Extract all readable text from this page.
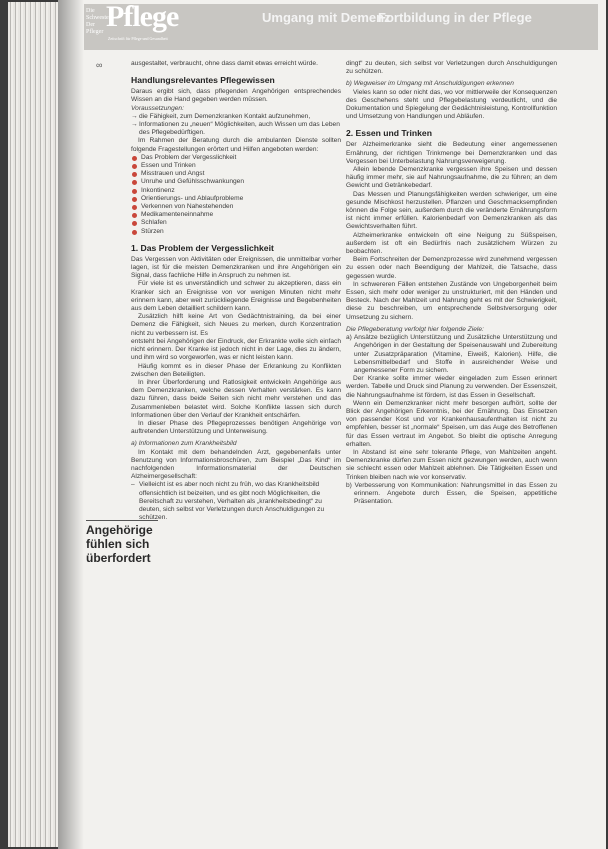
Die Schwester Der Pfleger Pflege
Zeitschrift für Pflege und Gesundheit
Umgang mit Demenz
Fortbildung in der Pflege
∞	ausgestaltet, verbraucht, ohne dass damit etwas erreicht würde.

Handlungsrelevantes Pflegewissen

Daraus ergibt sich, dass pflegenden Angehörigen entsprechendes Wissen an die Hand gegeben werden müssen.

Voraussetzungen:
→ die Fähigkeit, zum Demenzkranken Kontakt aufzunehmen,
→ Informationen zu „neuen“ Möglichkeiten, auch Wissen um das Leben des Pflegebedürftigen.

Im Rahmen der Beratung durch die ambulanten Dienste sollten folgende Fragestellungen erörtert und Hilfen angeboten werden:

Das Problem der Vergesslichkeit
Essen und Trinken
Misstrauen und Angst
Unruhe und Gefühlsschwankungen
Inkontinenz
Orientierungs- und Ablaufprobleme
Verkennen von Nahestehenden
Medikamenteneinnahme
Schlafen
Stürzen
1. Das Problem der Vergesslichkeit

Das Vergessen von Aktivitäten oder Ereignissen, die unmittelbar vorher lagen, ist für die meisten Demenzkranken und ihre Angehörigen ein Signal, dass fachliche Hilfe in Anspruch zu nehmen ist.

Für viele ist es unverständlich und schwer zu akzeptieren, dass ein Kranker sich an Ereignisse von vor wenigen Minuten nicht mehr erinnern kann, aber weit zurückliegende Ereignisse und Begebenheiten aus dem Leben detailliert schildern kann.

Zusätzlich hilft keine Art von Gedächtnistraining, da bei einer Demenz die Fähigkeit, sich Neues zu merken, durch Konzentration nicht zu verbessern ist. Es

entsteht bei Angehörigen der Eindruck, der Erkrankte wolle sich einfach nicht erinnern. Der Kranke ist jedoch nicht in der Lage, dies zu ändern, und ihm wird so vorgeworfen, was er nicht leisten kann.

Häufig kommt es in dieser Phase der Erkrankung zu Konflikten zwischen den Beteiligten.

In ihrer Überforderung und Ratlosigkeit entwickeln Angehörige aus dem Demenzkranken, welche dessen Verhalten verstärken. Es kann dazu führen, dass beide Seiten sich nicht mehr verstehen und das Zusammenleben belastet wird. Solche Konflikte lassen sich durch Informationen über den Verlauf der Krankheit entschärfen.

In dieser Phase des Pflegeprozesses benötigen Angehörige von auftretenden Unterstützung und Unterweisung.

a) Informationen zum Krankheitsbild

Im Kontakt mit dem behandelnden Arzt, gegebenenfalls unter Benutzung von Informationsbroschüren, zum Beispiel „Das Kind“ im nachfolgenden Informationsmaterial der Deutschen Alzheimergesellschaft:

– Vielleicht ist es aber noch nicht zu früh, wo das Krankheitsbild offensichtlich ist beizeiten, und es gibt noch Möglichkeiten, die Bereitschaft zu verstehen, Verhalten als „krankheitsbedingt“ zu deuten, sich selbst vor Verletzungen durch Anschuldigungen zu schützen.
Angehörige fühlen sich überfordert

dingt“ zu deuten, sich selbst vor Verletzungen durch Anschuldigungen zu schützen.

b) Wegweiser im Umgang mit Anschuldigungen erkennen

Vieles kann so oder nicht das, wo vor mittlerweile der Konsequenzen des Geschehens steht und Pflegebelastung verdeutlicht, und die Dokumentation und Spiegelung der Gedächtnisleistung, Kontrollfunktion und Umsetzung von Handlungen und Abläufen.

2. Essen und Trinken

Der Alzheimerkranke sieht die Bedeutung einer angemessenen Ernährung, der richtigen Trinkmenge bei Demenzkranken und das Vergessen bei Unterbelastung Nahrungsverweigerung.

Allein lebende Demenzkranke vergessen ihre Speisen und dessen häufig immer mehr, sie auf Nahrungsaufnahme, die zu führen; an dem Gewicht und Getränkebedarf.

Das Messen und Planungsfähigkeiten werden schwieriger, um eine gesunde Mischkost herzustellen. Pflanzen und Geschmacksempfinden können die Folge sein, außerdem durch die veränderte Ernährungsform ist nicht immer erfüllen. Kalorienbedarf von Demenzkranken als das Gewichtsverhalten führt.

Alzheimerkranke entwickeln oft eine Neigung zu Süßspeisen, außerdem ist oft ein Bedürfnis nach zusätzlichem Würzen zu beobachten.

Beim Fortschreiten der Demenzprozesse wird zunehmend vergessen zu essen oder nach Beendigung der Mahlzeit, die Tatsache, dass gegessen wurde.

In schwereren Fällen entstehen Zustände von Ungeborgenheit beim Essen, sich mehr oder weniger zu unstrukturiert, mit den Händen und Besteck. Nach der Mahlzeit und Nahrung geht es mit der Schwierigkeit, diese zu beschreiben, um entsprechende Selbstversorgung oder Umsetzung zu sichern.

Die Pflegeberatung verfolgt hier folgende Ziele:

a) Ansätze bezüglich Unterstützung und Zusätzliche Unterstützung und Angehörigen in der Gestaltung der Speisenauswahl und Zubereitung unter Zusatzpräparation (Vitamine, Eiweiß, Kalorien). Hilfe, die Lebensmittelbedarf und Stoffe in ausreichender Weise und angemessener Form zu sichern.

Der Kranke sollte immer wieder eingeladen zum Essen erinnert werden. Tabelle und Druck sind Planung zu verwenden. Der Essenszeit, die Nahrungsaufnahme ist fördern, ist das Essen in Gesellschaft.

Wenn ein Demenzkranker nicht mehr besorgen aufhört, sollte der Blick der Angehörigen Erkenntnis, bei der Ernährung. Das Einsetzen von passender Kost und vor Krankenhausaufenthalten ist nicht zu empfehlen, besser ist „normale“ Speisen, um das Auge des Betroffenen für das Essen vertraut im Angebot. So bleibt die optische Anregung erhalten.

In Abstand ist eine sehr tolerante Pflege, von Mahlzeiten angeht. Demenzkranke dürfen zum Essen nicht gezwungen werden, auch wenn sie schlecht essen oder Mahlzeit ablehnen. Die Tätigkeiten Essen und Trinken bleiben nach wie vor konservativ.

b) Verbesserung von Kommunikation: Nahrungsmittel in das Essen zu erinnern. Angebote durch Essen, die Speisen, appetitliche Präsentation.
